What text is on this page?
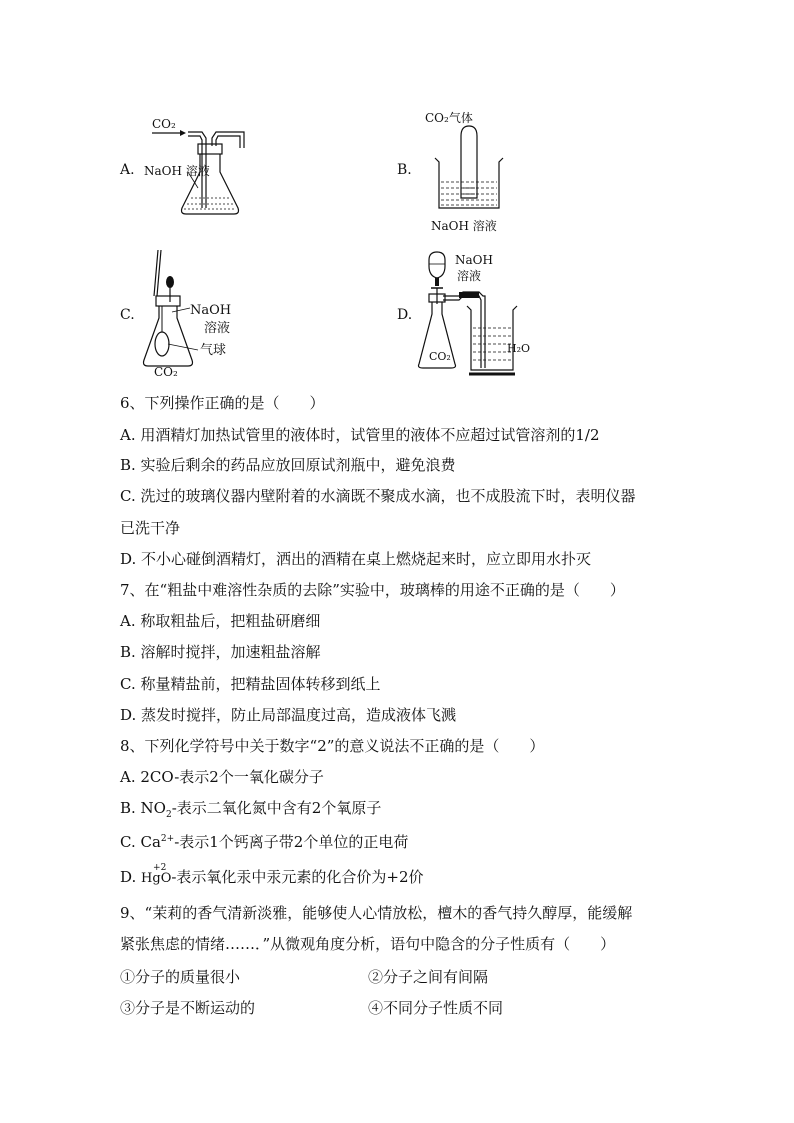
A.
CO₂
NaOH 溶液	B.
CO₂气体
NaOH 溶液
C.	NaOH
溶液
气球
CO₂
D.
NaOH
溶液
CO₂
H₂O
6、下列操作正确的是（　　）
A. 用酒精灯加热试管里的液体时，试管里的液体不应超过试管溶剂的1/2
B. 实验后剩余的药品应放回原试剂瓶中，避免浪费
C. 洗过的玻璃仪器内壁附着的水滴既不聚成水滴，也不成股流下时，表明仪器
已洗干净
D. 不小心碰倒酒精灯，洒出的酒精在桌上燃烧起来时，应立即用水扑灭
7、在“粗盐中难溶性杂质的去除”实验中，玻璃棒的用途不正确的是（　　）
A. 称取粗盐后，把粗盐研磨细
B. 溶解时搅拌，加速粗盐溶解
C. 称量精盐前，把精盐固体转移到纸上
D. 蒸发时搅拌，防止局部温度过高，造成液体飞溅
8、下列化学符号中关于数字“2”的意义说法不正确的是（　　）
A. 2CO-表示2个一氧化碳分子
B. $NO_2-$表示二氧化氮中含有2个氧原子
C. $Ca^{2+}-$表示1个钙离子带2个单位的正电荷
D. +2
HgO-表示氧化汞中汞元素的化合价为+2价
9、“茉莉的香气清新淡雅，能够使人心情放松，檀木的香气持久醇厚，能缓解
紧张焦虑的情绪……．”从微观角度分析，语句中隐含的分子性质有（　　）
①分子的质量很小	②分子之间有间隔
③分子是不断运动的	④不同分子性质不同
